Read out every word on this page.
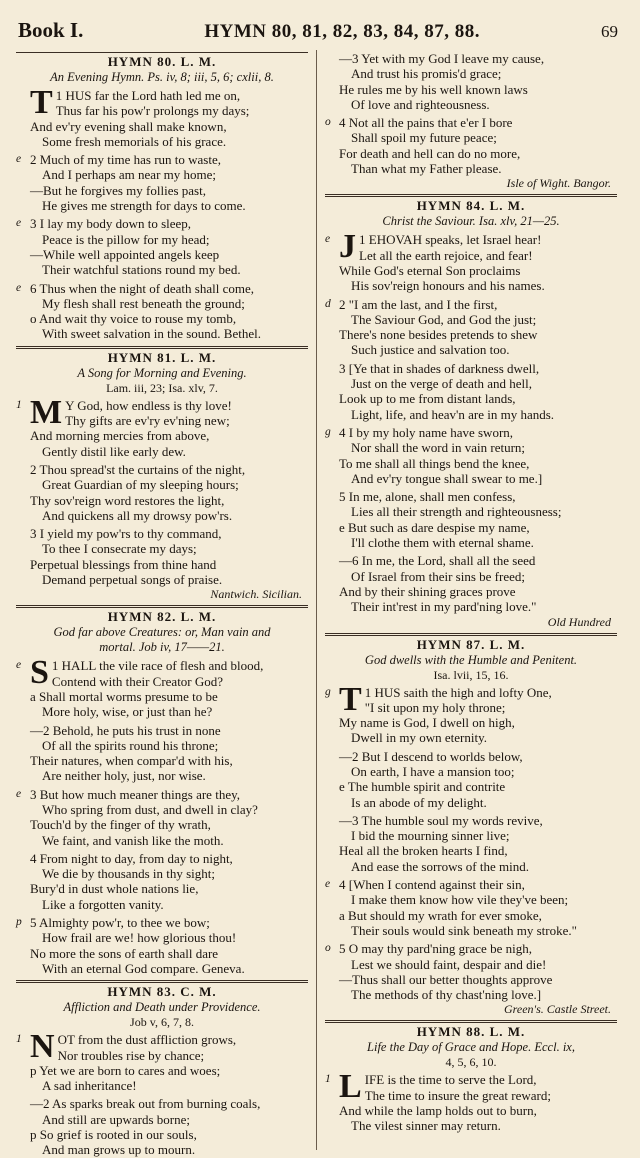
Book I.	HYMN 80, 81, 82, 83, 84, 87, 88.	69
HYMN 80. L. M.
An Evening Hymn. Ps. iv, 8; iii, 5, 6; cxlii, 8.
T 1 HUS far the Lord hath led me on,
Thus far his pow'r prolongs my days;
And ev'ry evening shall make known,
Some fresh memorials of his grace.
e 2 Much of my time has run to waste,
And I perhaps am near my home;
—But he forgives my follies past,
He gives me strength for days to come.
e 3 I lay my body down to sleep,
Peace is the pillow for my head;
—While well appointed angels keep
Their watchful stations round my bed.
e 6 Thus when the night of death shall come,
My flesh shall rest beneath the ground;
o And wait thy voice to rouse my tomb,
With sweet salvation in the sound. Bethel.
HYMN 81. L. M.
A Song for Morning and Evening.
Lam. iii, 23; Isa. xlv, 7.
1 M Y God, how endless is thy love!
Thy gifts are ev'ry ev'ning new;
And morning mercies from above,
Gently distil like early dew.
2 Thou spread'st the curtains of the night,
Great Guardian of my sleeping hours;
Thy sov'reign word restores the light,
And quickens all my drowsy pow'rs.
3 I yield my pow'rs to thy command,
To thee I consecrate my days;
Perpetual blessings from thine hand
Demand perpetual songs of praise.
Nantwich. Sicilian.
HYMN 82. L. M.
God far above Creatures: or, Man vain and
mortal. Job iv, 17——21.
e S 1 HALL the vile race of flesh and blood,
Contend with their Creator God?
a Shall mortal worms presume to be
More holy, wise, or just than he?
—2 Behold, he puts his trust in none
Of all the spirits round his throne;
Their natures, when compar'd with his,
Are neither holy, just, nor wise.
e 3 But how much meaner things are they,
Who spring from dust, and dwell in clay?
Touch'd by the finger of thy wrath,
We faint, and vanish like the moth.
4 From night to day, from day to night,
We die by thousands in thy sight;
Bury'd in dust whole nations lie,
Like a forgotten vanity.
p 5 Almighty pow'r, to thee we bow;
How frail are we! how glorious thou!
No more the sons of earth shall dare
With an eternal God compare. Geneva.
HYMN 83. C. M.
Affliction and Death under Providence.
Job v, 6, 7, 8.
1 N OT from the dust affliction grows,
Nor troubles rise by chance;
p Yet we are born to cares and woes;
A sad inheritance!
—2 As sparks break out from burning coals,
And still are upwards borne;
p So grief is rooted in our souls,
And man grows up to mourn.
—3 Yet with my God I leave my cause,
And trust his promis'd grace;
He rules me by his well known laws
Of love and righteousness.
o 4 Not all the pains that e'er I bore
Shall spoil my future peace;
For death and hell can do no more,
Than what my Father please.
Isle of Wight. Bangor.
HYMN 84. L. M.
Christ the Saviour. Isa. xlv, 21—25.
e J 1 EHOVAH speaks, let Israel hear!
Let all the earth rejoice, and fear!
While God's eternal Son proclaims
His sov'reign honours and his names.
d 2 "I am the last, and I the first,
The Saviour God, and God the just;
There's none besides pretends to shew
Such justice and salvation too.
3 [Ye that in shades of darkness dwell,
Just on the verge of death and hell,
Look up to me from distant lands,
Light, life, and heav'n are in my hands.
g 4 I by my holy name have sworn,
Nor shall the word in vain return;
To me shall all things bend the knee,
And ev'ry tongue shall swear to me.]
5 In me, alone, shall men confess,
Lies all their strength and righteousness;
e But such as dare despise my name,
I'll clothe them with eternal shame.
—6 In me, the Lord, shall all the seed
Of Israel from their sins be freed;
And by their shining graces prove
Their int'rest in my pard'ning love."
Old Hundred
HYMN 87. L. M.
God dwells with the Humble and Penitent.
Isa. lvii, 15, 16.
g T 1 HUS saith the high and lofty One,
"I sit upon my holy throne;
My name is God, I dwell on high,
Dwell in my own eternity.
—2 But I descend to worlds below,
On earth, I have a mansion too;
e The humble spirit and contrite
Is an abode of my delight.
—3 The humble soul my words revive,
I bid the mourning sinner live;
Heal all the broken hearts I find,
And ease the sorrows of the mind.
e 4 [When I contend against their sin,
I make them know how vile they've been;
a But should my wrath for ever smoke,
Their souls would sink beneath my stroke."
o 5 O may thy pard'ning grace be nigh,
Lest we should faint, despair and die!
—Thus shall our better thoughts approve
The methods of thy chast'ning love.]
Green's. Castle Street.
HYMN 88. L. M.
Life the Day of Grace and Hope. Eccl. ix,
4, 5, 6, 10.
1 L IFE is the time to serve the Lord,
The time to insure the great reward;
And while the lamp holds out to burn,
The vilest sinner may return.
